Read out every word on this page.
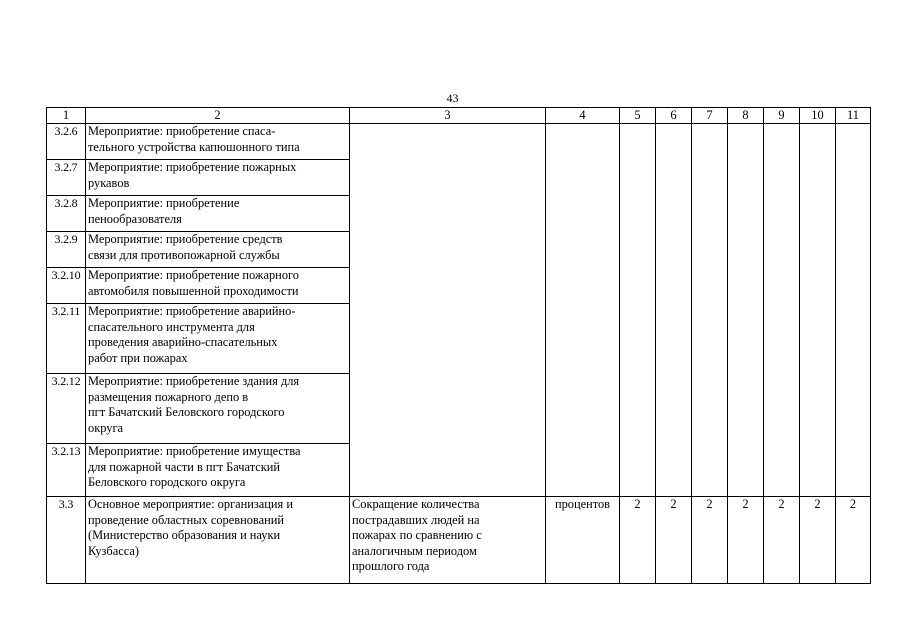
43
1	2	3	4	5	6	7	8	9	10	11
3.2.6	Мероприятие: приобретение спаса-
тельного устройства капюшонного типа									
3.2.7	Мероприятие: приобретение пожарных
рукавов									
3.2.8	Мероприятие: приобретение
пенообразователя									
3.2.9	Мероприятие: приобретение средств
связи для противопожарной службы									
3.2.10	Мероприятие: приобретение пожарного
автомобиля повышенной проходимости									
3.2.11	Мероприятие: приобретение аварийно-
спасательного инструмента для
проведения аварийно-спасательных
работ при пожарах									
3.2.12	Мероприятие: приобретение здания для
размещения пожарного депо в
пгт Бачатский Беловского городского
округа									
3.2.13	Мероприятие: приобретение имущества
для пожарной части в пгт Бачатский
Беловского городского округа									
3.3	Основное мероприятие: организация и
проведение областных соревнований
(Министерство образования и науки
Кузбасса)	Сокращение количества
пострадавших людей на
пожарах по сравнению с
аналогичным периодом
прошлого года	процентов	2	2	2	2	2	2	2
